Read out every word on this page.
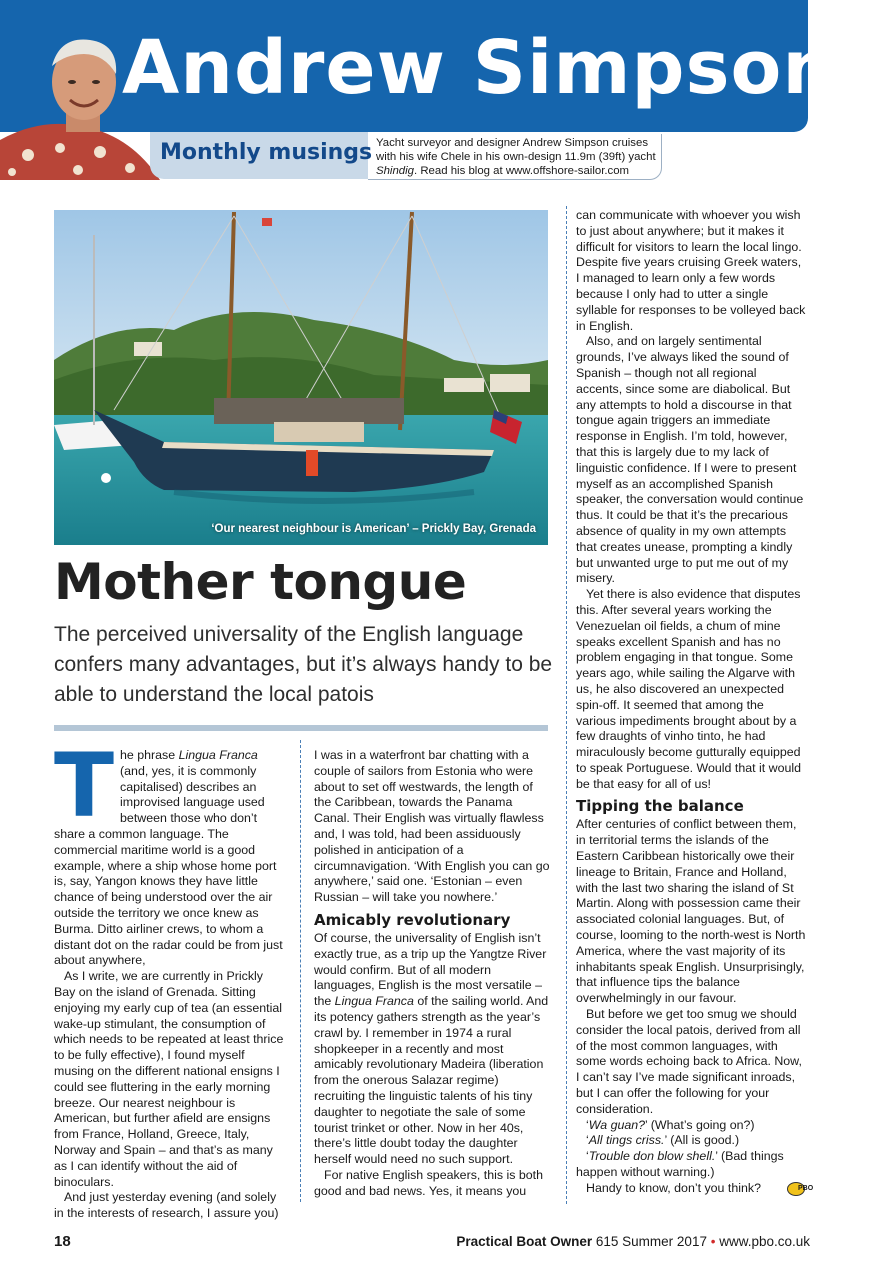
Andrew Simpson
Monthly musings Yacht surveyor and designer Andrew Simpson cruises
with his wife Chele in his own-design 11.9m (39ft) yacht
Shindig. Read his blog at www.offshore-sailor.com
‘Our nearest neighbour is American’ – Prickly Bay, Grenada
Mother tongue
The perceived universality of the English language confers many advantages, but it’s always handy to be able to understand the local patois

The phrase Lingua Franca (and, yes, it is commonly capitalised) describes an improvised language used between those who don’t share a common language. The commercial maritime world is a good example, where a ship whose home port is, say, Yangon knows they have little chance of being understood over the air outside the territory we once knew as Burma. Ditto airliner crews, to whom a distant dot on the radar could be from just about anywhere,

As I write, we are currently in Prickly Bay on the island of Grenada. Sitting enjoying my early cup of tea (an essential wake-up stimulant, the consumption of which needs to be repeated at least thrice to be fully effective), I found myself musing on the different national ensigns I could see fluttering in the early morning breeze. Our nearest neighbour is American, but further afield are ensigns from France, Holland, Greece, Italy, Norway and Spain – and that’s as many as I can identify without the aid of binoculars.

And just yesterday evening (and solely in the interests of research, I assure you)

I was in a waterfront bar chatting with a couple of sailors from Estonia who were about to set off westwards, the length of the Caribbean, towards the Panama Canal. Their English was virtually flawless and, I was told, had been assiduously polished in anticipation of a circumnavigation. ‘With English you can go anywhere,’ said one. ‘Estonian – even Russian – will take you nowhere.’

Amicably revolutionary

Of course, the universality of English isn’t exactly true, as a trip up the Yangtze River would confirm. But of all modern languages, English is the most versatile – the Lingua Franca of the sailing world. And its potency gathers strength as the year’s crawl by. I remember in 1974 a rural shopkeeper in a recently and most amicably revolutionary Madeira (liberation from the onerous Salazar regime) recruiting the linguistic talents of his tiny daughter to negotiate the sale of some tourist trinket or other. Now in her 40s, there’s little doubt today the daughter herself would need no such support.

For native English speakers, this is both good and bad news. Yes, it means you

can communicate with whoever you wish to just about anywhere; but it makes it difficult for visitors to learn the local lingo. Despite five years cruising Greek waters, I managed to learn only a few words because I only had to utter a single syllable for responses to be volleyed back in English.

Also, and on largely sentimental grounds, I’ve always liked the sound of Spanish – though not all regional accents, since some are diabolical. But any attempts to hold a discourse in that tongue again triggers an immediate response in English. I’m told, however, that this is largely due to my lack of linguistic confidence. If I were to present myself as an accomplished Spanish speaker, the conversation would continue thus. It could be that it’s the precarious absence of quality in my own attempts that creates unease, prompting a kindly but unwanted urge to put me out of my misery.

Yet there is also evidence that disputes this. After several years working the Venezuelan oil fields, a chum of mine speaks excellent Spanish and has no problem engaging in that tongue. Some years ago, while sailing the Algarve with us, he also discovered an unexpected spin-off. It seemed that among the various impediments brought about by a few draughts of vinho tinto, he had miraculously become gutturally equipped to speak Portuguese. Would that it would be that easy for all of us!

Tipping the balance

After centuries of conflict between them, in territorial terms the islands of the Eastern Caribbean historically owe their lineage to Britain, France and Holland, with the last two sharing the island of St Martin. Along with possession came their associated colonial languages. But, of course, looming to the north-west is North America, where the vast majority of its inhabitants speak English. Unsurprisingly, that influence tips the balance overwhelmingly in our favour.

But before we get too smug we should consider the local patois, derived from all of the most common languages, with some words echoing back to Africa. Now, I can’t say I’ve made significant inroads, but I can offer the following for your consideration.

‘Wa guan?’ (What’s going on?)

‘All tings criss.’ (All is good.)

‘Trouble don blow shell.’ (Bad things happen without warning.)

Handy to know, don’t you think?	PBO

18	Practical Boat Owner 615 Summer 2017 • www.pbo.co.uk
